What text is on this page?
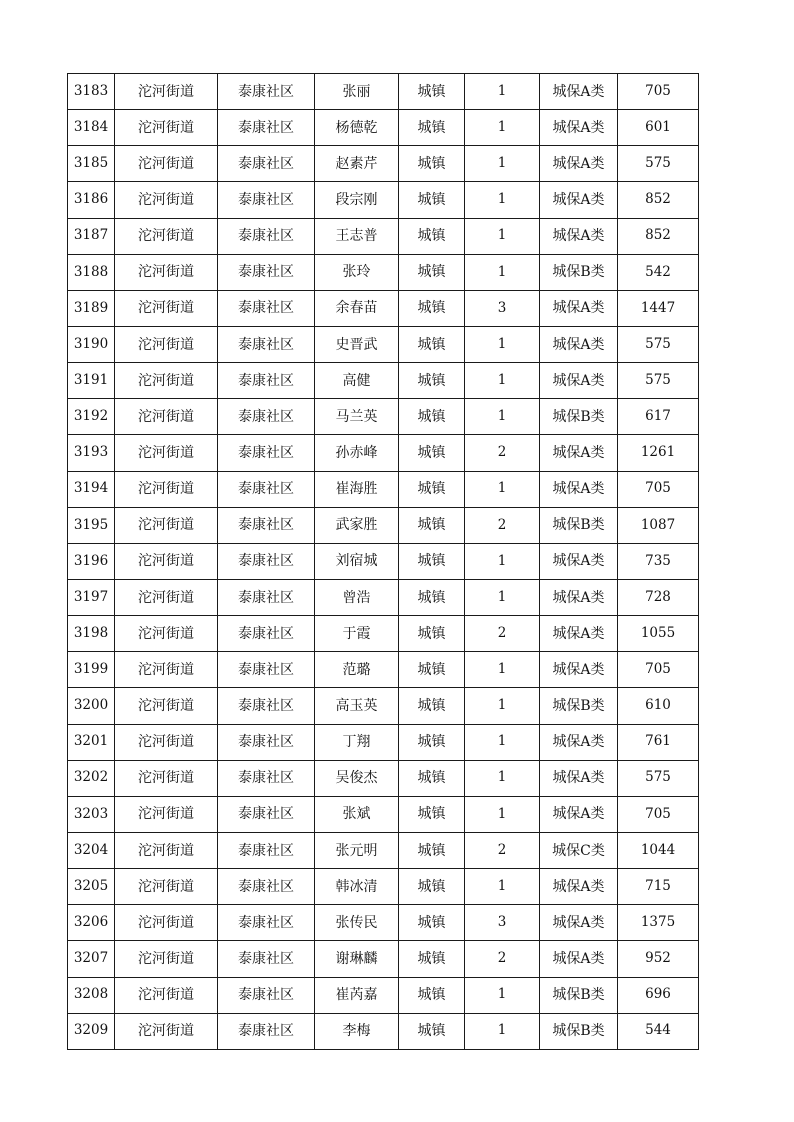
3183	沱河街道	泰康社区	张丽	城镇	1	城保A类	705
3184	沱河街道	泰康社区	杨德乾	城镇	1	城保A类	601
3185	沱河街道	泰康社区	赵素芹	城镇	1	城保A类	575
3186	沱河街道	泰康社区	段宗刚	城镇	1	城保A类	852
3187	沱河街道	泰康社区	王志普	城镇	1	城保A类	852
3188	沱河街道	泰康社区	张玲	城镇	1	城保B类	542
3189	沱河街道	泰康社区	余春苗	城镇	3	城保A类	1447
3190	沱河街道	泰康社区	史晋武	城镇	1	城保A类	575
3191	沱河街道	泰康社区	高健	城镇	1	城保A类	575
3192	沱河街道	泰康社区	马兰英	城镇	1	城保B类	617
3193	沱河街道	泰康社区	孙赤峰	城镇	2	城保A类	1261
3194	沱河街道	泰康社区	崔海胜	城镇	1	城保A类	705
3195	沱河街道	泰康社区	武家胜	城镇	2	城保B类	1087
3196	沱河街道	泰康社区	刘宿城	城镇	1	城保A类	735
3197	沱河街道	泰康社区	曾浩	城镇	1	城保A类	728
3198	沱河街道	泰康社区	于霞	城镇	2	城保A类	1055
3199	沱河街道	泰康社区	范璐	城镇	1	城保A类	705
3200	沱河街道	泰康社区	高玉英	城镇	1	城保B类	610
3201	沱河街道	泰康社区	丁翔	城镇	1	城保A类	761
3202	沱河街道	泰康社区	吴俊杰	城镇	1	城保A类	575
3203	沱河街道	泰康社区	张斌	城镇	1	城保A类	705
3204	沱河街道	泰康社区	张元明	城镇	2	城保C类	1044
3205	沱河街道	泰康社区	韩冰清	城镇	1	城保A类	715
3206	沱河街道	泰康社区	张传民	城镇	3	城保A类	1375
3207	沱河街道	泰康社区	谢琳麟	城镇	2	城保A类	952
3208	沱河街道	泰康社区	崔芮嘉	城镇	1	城保B类	696
3209	沱河街道	泰康社区	李梅	城镇	1	城保B类	544
